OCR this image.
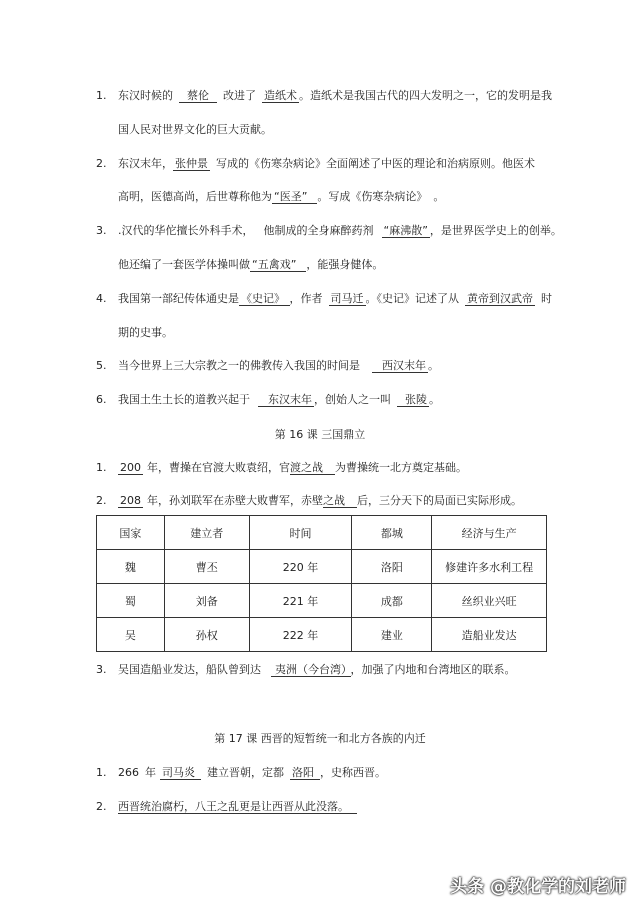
1. 东汉时候的 蔡伦 改进了 造纸术 。造纸术是我国古代的四大发明之一，它的发明是我
国人民对世界文化的巨大贡献。
2. 东汉末年， 张仲景 写成的《伤寒杂病论》全面阐述了中医的理论和治病原则。他医术
高明，医德高尚，后世尊称他为 “医圣” 。写成《伤寒杂病论》 。
3. .汉代的华佗擅长外科手术， 他制成的全身麻醉药剂 “麻沸散” ，是世界医学史上的创举。
他还编了一套医学体操叫做 “五禽戏” ，能强身健体。
4. 我国第一部纪传体通史是 《史记》 ，作者 司马迁 。《史记》记述了从 黄帝到汉武帝 时
期的史事。
5. 当今世界上三大宗教之一的佛教传入我国的时间是 西汉末年 。
6. 我国土生土长的道教兴起于 东汉末年 ，创始人之一叫 张陵 。
第 16 课 三国鼎立
1. 200 年，曹操在官渡大败袁绍，官渡之战 为曹操统一北方奠定基础。
2. 208 年，孙刘联军在赤壁大败曹军，赤壁之战 后，三分天下的局面已实际形成。
国家	建立者	时间	都城	经济与生产
魏	曹丕	220 年	洛阳	修建许多水利工程
蜀	刘备	221 年	成都	丝织业兴旺
吴	孙权	222 年	建业	造船业发达
3. 吴国造船业发达，船队曾到达 夷洲（今台湾） ，加强了内地和台湾地区的联系。
第 17 课 西晋的短暂统一和北方各族的内迁
1. 266 年 司马炎 建立晋朝，定都 洛阳 ，史称西晋。
2. 西晋统治腐朽，八王之乱更是让西晋从此没落。
头条 @教化学的刘老师
